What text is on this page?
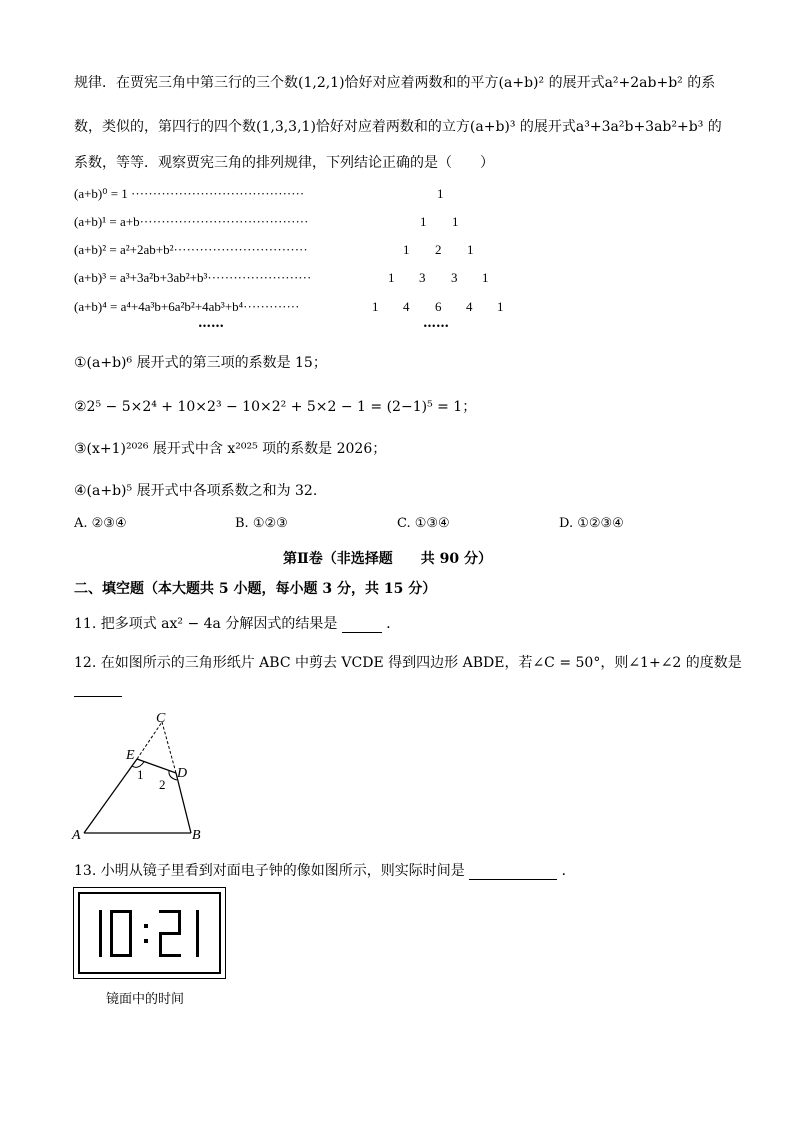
规律．在贾宪三角中第三行的三个数(1,2,1)恰好对应着两数和的平方(a+b)² 的展开式a²+2ab+b² 的系
数，类似的，第四行的四个数(1,3,3,1)恰好对应着两数和的立方(a+b)³ 的展开式a³+3a²b+3ab²+b³ 的
系数，等等．观察贾宪三角的排列规律，下列结论正确的是（　　）
(a+b)⁰ = 1 ········································	1
(a+b)¹ = a+b·······································	1 1
(a+b)² = a²+2ab+b²·······························	1 2 1
(a+b)³ = a³+3a²b+3ab²+b³························	1 3 3 1
(a+b)⁴ = a⁴+4a³b+6a²b²+4ab³+b⁴·············	1 4 6 4 1
……	……
①(a+b)⁶ 展开式的第三项的系数是 15；
②2⁵ − 5×2⁴ + 10×2³ − 10×2² + 5×2 − 1 = (2−1)⁵ = 1；
③(x+1)²⁰²⁶ 展开式中含 x²⁰²⁵ 项的系数是 2026；
④(a+b)⁵ 展开式中各项系数之和为 32.
A. ②③④	B. ①②③	C. ①③④	D. ①②③④
第Ⅱ卷（非选择题　　共 90 分）
二、填空题（本大题共 5 小题，每小题 3 分，共 15 分）
11. 把多项式 ax² − 4a 分解因式的结果是	．
12. 在如图所示的三角形纸片 ABC 中剪去 VCDE 得到四边形 ABDE，若∠C = 50°，则∠1+∠2 的度数是
C
E
D
1
2
A	B
13. 小明从镜子里看到对面电子钟的像如图所示，则实际时间是	．
镜面中的时间
